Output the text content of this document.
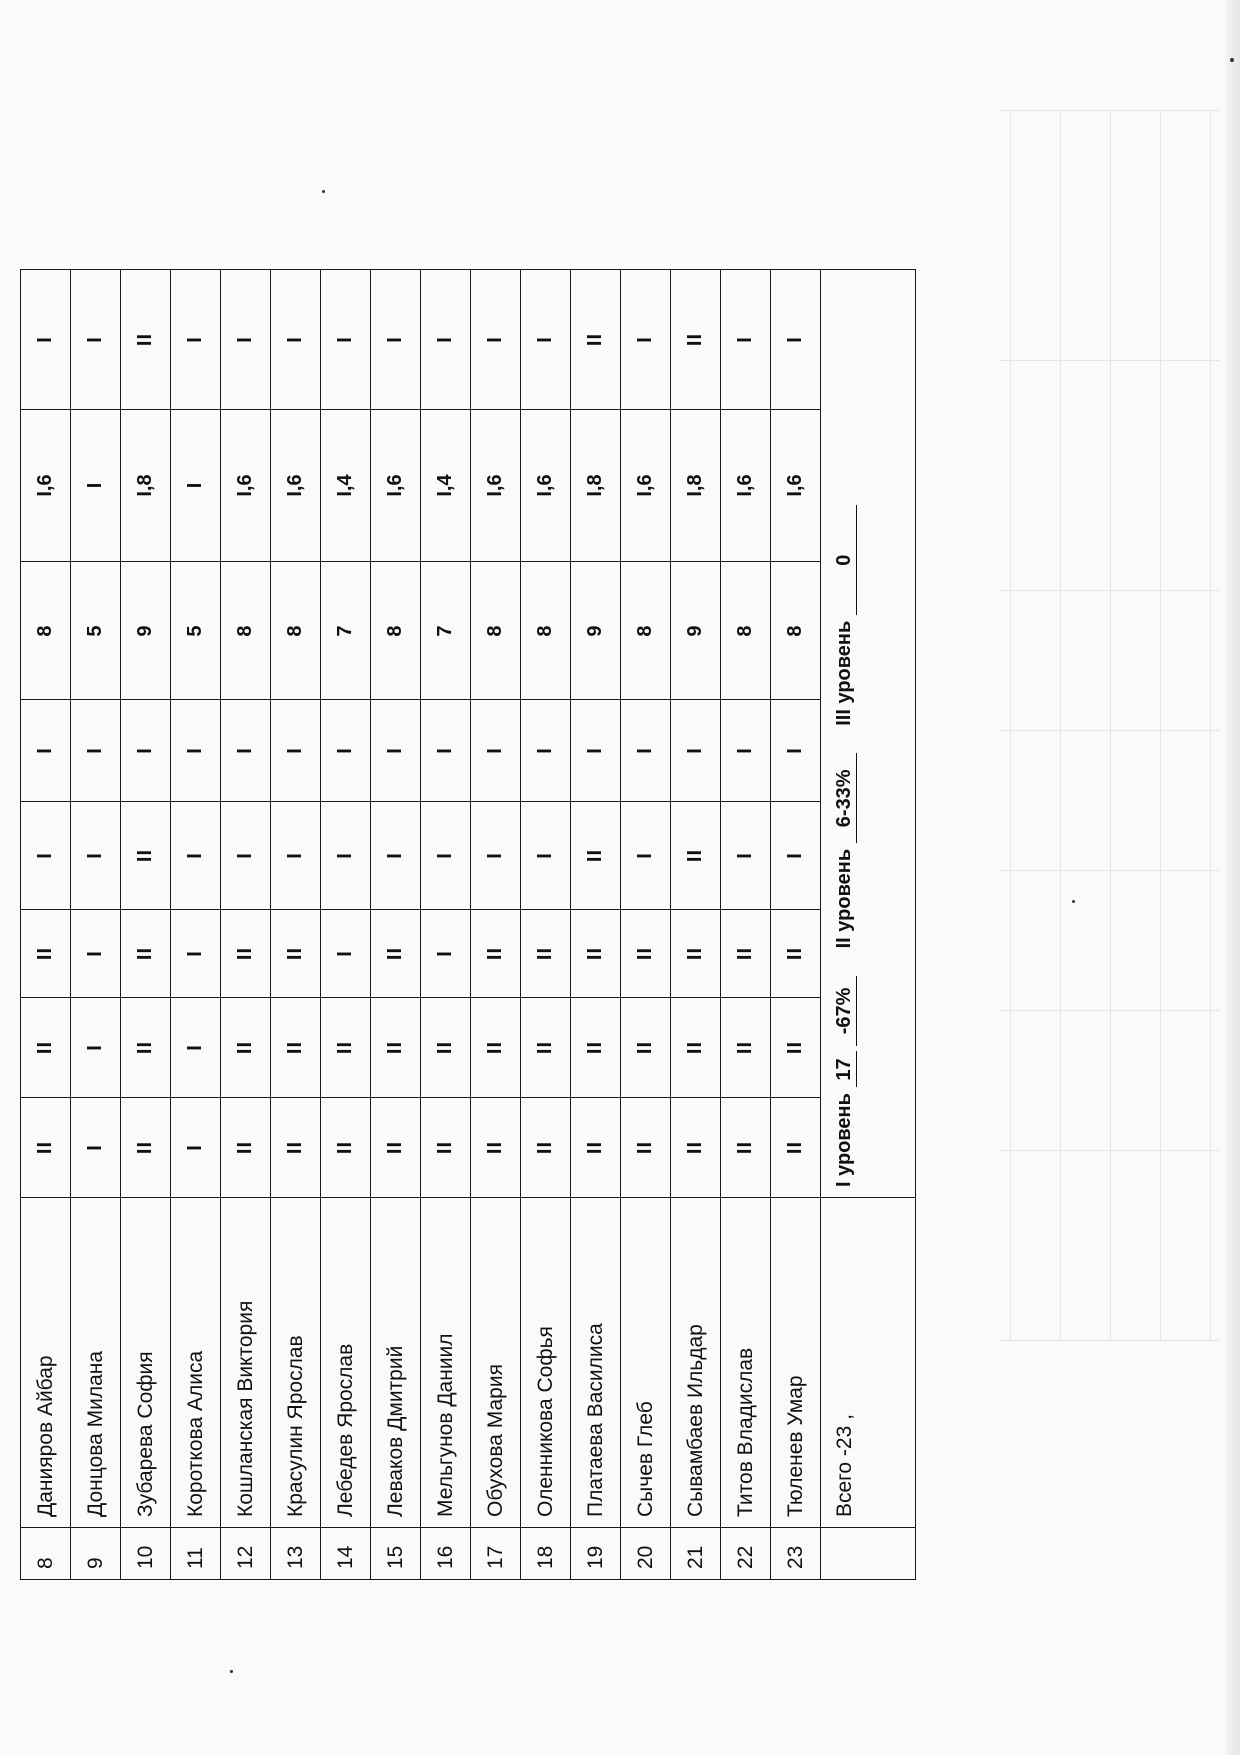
8	Данияров Айбар	II	II	II	I	I	8	I,6	I
9	Донцова Милана	I	I	I	I	I	5	I	I
10	Зубарева София	II	II	II	II	I	9	I,8	II
11	Короткова Алиса	I	I	I	I	I	5	I	I
12	Кошланская Виктория	II	II	II	I	I	8	I,6	I
13	Красулин Ярослав	II	II	II	I	I	8	I,6	I
14	Лебедев Ярослав	II	II	I	I	I	7	I,4	I
15	Леваков Дмитрий	II	II	II	I	I	8	I,6	I
16	Мельгунов Даниил	II	II	I	I	I	7	I,4	I
17	Обухова Мария	II	II	II	I	I	8	I,6	I
18	Оленникова Софья	II	II	II	I	I	8	I,6	I
19	Платаева Василиса	II	II	II	II	I	9	I,8	II
20	Сычев Глеб	II	II	II	I	I	8	I,6	I
21	Сывамбаев Ильдар	II	II	II	II	I	9	I,8	II
22	Титов Владислав	II	II	II	I	I	8	I,6	I
23	Тюленев Умар	II	II	II	I	I	8	I,6	I
	Всего -23 ,	I уровень 17 -67% II уровень 6-33% III уровень 0							
